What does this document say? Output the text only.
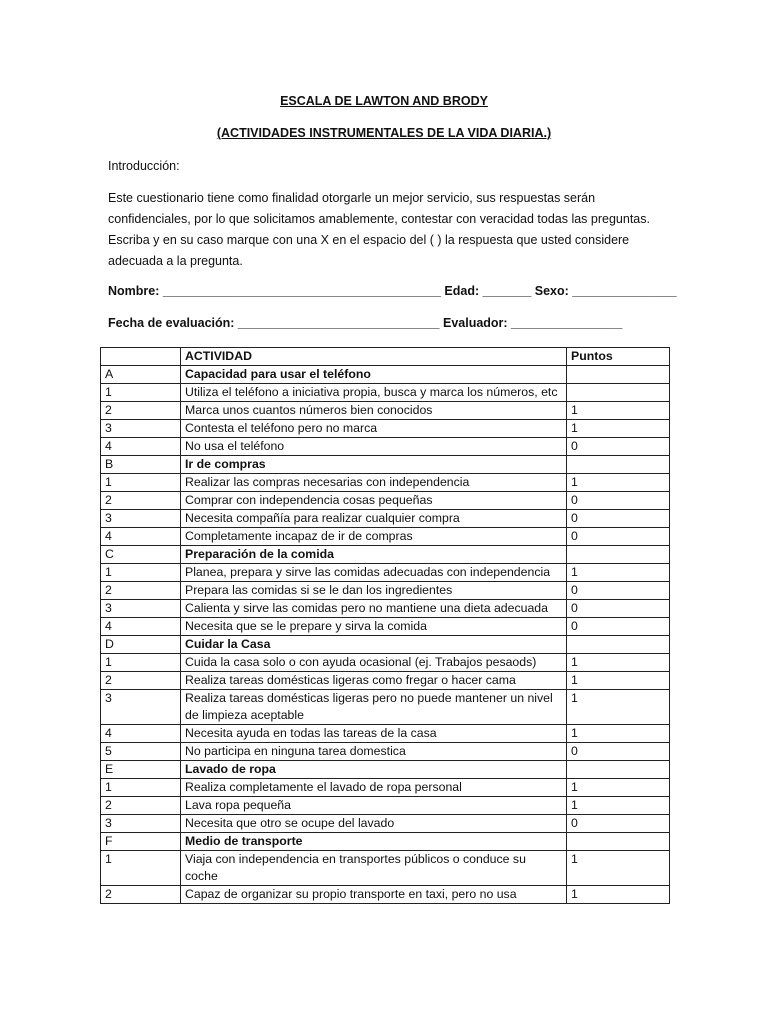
ESCALA DE LAWTON AND BRODY
(ACTIVIDADES INSTRUMENTALES DE LA VIDA DIARIA.)
Introducción:
Este cuestionario tiene como finalidad otorgarle un mejor servicio, sus respuestas serán confidenciales, por lo que solicitamos amablemente, contestar con veracidad todas las preguntas. Escriba y en su caso marque con una X en el espacio del ( ) la respuesta que usted considere adecuada a la pregunta.
Nombre: ________________________________________ Edad: _______ Sexo: _______________
Fecha de evaluación: _____________________________ Evaluador: ________________
	ACTIVIDAD	Puntos
A	Capacidad para usar el teléfono	
1	Utiliza el teléfono a iniciativa propia, busca y marca los números, etc	
2	Marca unos cuantos números bien conocidos	1
3	Contesta el teléfono pero no marca	1
4	No usa el teléfono	0
B	Ir de compras	
1	Realizar las compras necesarias con independencia	1
2	Comprar con independencia cosas pequeñas	0
3	Necesita compañía para realizar cualquier compra	0
4	Completamente incapaz de ir de compras	0
C	Preparación de la comida	
1	Planea, prepara y sirve las comidas adecuadas con independencia	1
2	Prepara las comidas si se le dan los ingredientes	0
3	Calienta y sirve las comidas pero no mantiene una dieta adecuada	0
4	Necesita que se le prepare y sirva la comida	0
D	Cuidar la Casa	
1	Cuida la casa solo o con ayuda ocasional (ej. Trabajos pesaods)	1
2	Realiza tareas domésticas ligeras como fregar o hacer cama	1
3	Realiza tareas domésticas ligeras pero no puede mantener un nivel de limpieza aceptable	1
4	Necesita ayuda en todas las tareas de la casa	1
5	No participa en ninguna tarea domestica	0
E	Lavado de ropa	
1	Realiza completamente el lavado de ropa personal	1
2	Lava ropa pequeña	1
3	Necesita que otro se ocupe del lavado	0
F	Medio de transporte	
1	Viaja con independencia en transportes públicos o conduce su coche	1
2	Capaz de organizar su propio transporte en taxi, pero no usa	1
